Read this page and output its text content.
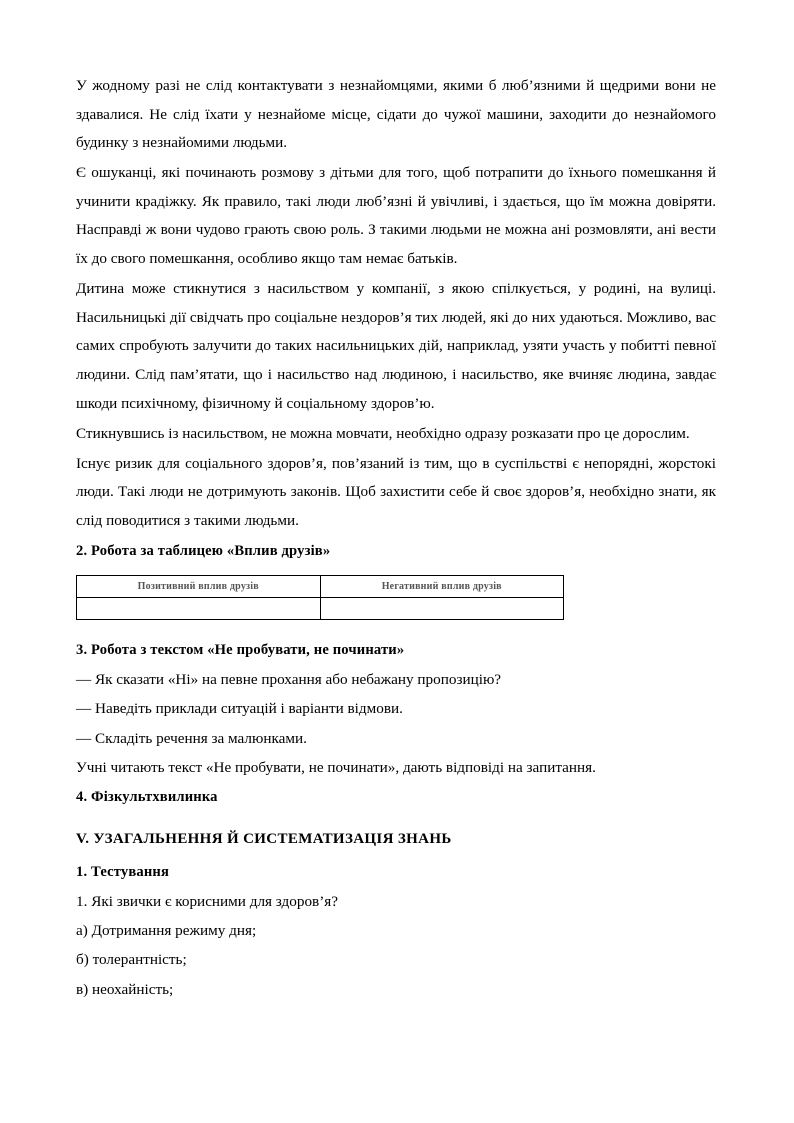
У жодному разі не слід контактувати з незнайомцями, якими б люб’язними й щедрими вони не здавалися. Не слід їхати у незнайоме місце, сідати до чужої машини, заходити до незнайомого будинку з незнайомими людьми.

Є ошуканці, які починають розмову з дітьми для того, щоб потрапити до їхнього помешкання й учинити крадіжку. Як правило, такі люди люб’язні й увічливі, і здається, що їм можна довіряти. Насправді ж вони чудово грають свою роль. З такими людьми не можна ані розмовляти, ані вести їх до свого помешкання, особливо якщо там немає батьків.

Дитина може стикнутися з насильством у компанії, з якою спілкується, у родині, на вулиці. Насильницькі дії свідчать про соціальне нездоров’я тих людей, які до них удаються. Можливо, вас самих спробують залучити до таких насильницьких дій, наприклад, узяти участь у побитті певної людини. Слід пам’ятати, що і насильство над людиною, і насильство, яке вчиняє людина, завдає шкоди психічному, фізичному й соціальному здоров’ю.

Стикнувшись із насильством, не можна мовчати, необхідно одразу розказати про це дорослим.

Існує ризик для соціального здоров’я, пов’язаний із тим, що в суспільстві є непорядні, жорстокі люди. Такі люди не дотримують законів. Щоб захистити себе й своє здоров’я, необхідно знати, як слід поводитися з такими людьми.

2. Робота за таблицею «Вплив друзів»
Позитивний вплив друзів	Негативний вплив друзів

3. Робота з текстом «Не пробувати, не починати»

— Як сказати «Ні» на певне прохання або небажану пропозицію?

— Наведіть приклади ситуацій і варіанти відмови.

— Складіть речення за малюнками.

Учні читають текст «Не пробувати, не починати», дають відповіді на запитання.

4. Фізкультхвилинка
V. УЗАГАЛЬНЕННЯ Й СИСТЕМАТИЗАЦІЯ ЗНАНЬ
1. Тестування

1. Які звички є корисними для здоров’я?

а) Дотримання режиму дня;

б) толерантність;

в) неохайність;
